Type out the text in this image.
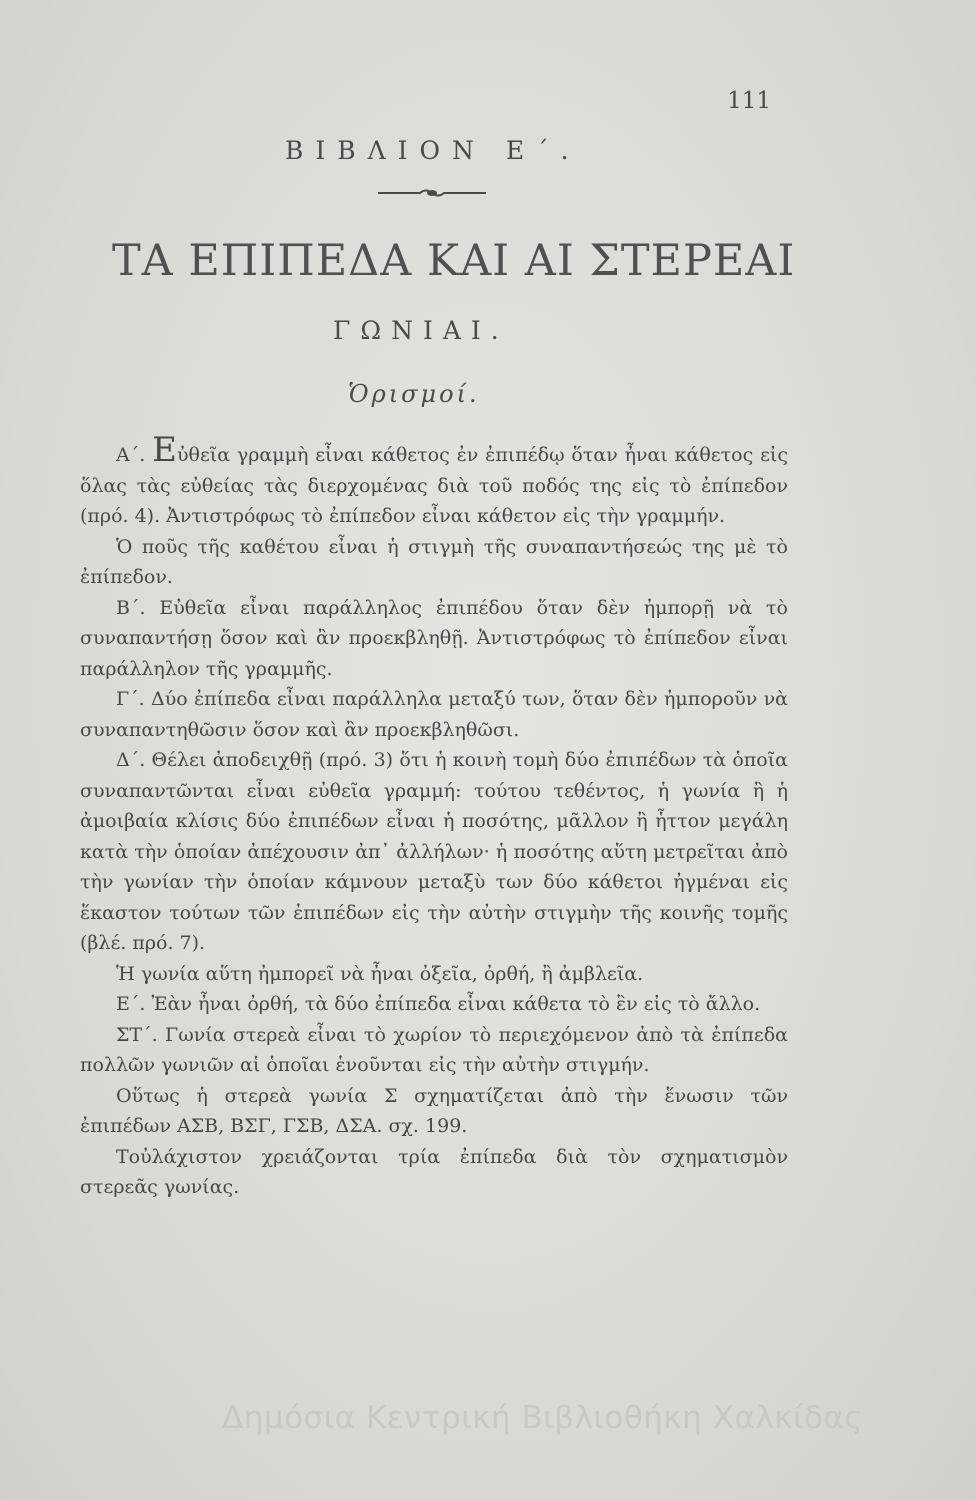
111
ΒΙΒΛΙΟΝ Ε΄.
ΤΑ ΕΠΙΠΕΔΑ ΚΑΙ ΑΙ ΣΤΕΡΕΑΙ
ΓΩΝΙΑΙ.
Ὁρισμοί.

Α΄. Εὐθεῖα γραμμὴ εἶναι κάθετος ἐν ἐπιπέδῳ ὅταν ἦναι κάθετος εἰς ὅλας τὰς εὐθείας τὰς διερχομένας διὰ τοῦ ποδός της εἰς τὸ ἐπίπεδον (πρό. 4). Ἀντιστρόφως τὸ ἐπίπεδον εἶναι κάθετον εἰς τὴν γραμμήν.

Ὁ ποῦς τῆς καθέτου εἶναι ἡ στιγμὴ τῆς συναπαντήσεώς της μὲ τὸ ἐπίπεδον.

Β΄. Εὐθεῖα εἶναι παράλληλος ἐπιπέδου ὅταν δὲν ἠμπορῇ νὰ τὸ συναπαντήσῃ ὅσον καὶ ἂν προεκβληθῇ. Ἀντιστρόφως τὸ ἐπίπεδον εἶναι παράλληλον τῆς γραμμῆς.

Γ΄. Δύο ἐπίπεδα εἶναι παράλληλα μεταξύ των, ὅταν δὲν ἠμποροῦν νὰ συναπαντηθῶσιν ὅσον καὶ ἂν προεκβληθῶσι.

Δ΄. Θέλει ἀποδειχθῇ (πρό. 3) ὅτι ἡ κοινὴ τομὴ δύο ἐπιπέδων τὰ ὁποῖα συναπαντῶνται εἶναι εὐθεῖα γραμμή: τούτου τεθέντος, ἡ γωνία ἢ ἡ ἀμοιβαία κλίσις δύο ἐπιπέδων εἶναι ἡ ποσότης, μᾶλλον ἢ ἧττον μεγάλη κατὰ τὴν ὁποίαν ἀπέχουσιν ἀπ᾽ ἀλλήλων· ἡ ποσότης αὕτη μετρεῖται ἀπὸ τὴν γωνίαν τὴν ὁποίαν κάμνουν μεταξὺ των δύο κάθετοι ἠγμέναι εἰς ἕκαστον τούτων τῶν ἐπιπέδων εἰς τὴν αὐτὴν στιγμὴν τῆς κοινῆς τομῆς (βλέ. πρό. 7).

Ἡ γωνία αὕτη ἠμπορεῖ νὰ ἦναι ὀξεῖα, ὀρθή, ἢ ἀμβλεῖα.

Ε΄. Ἐὰν ἦναι ὀρθή, τὰ δύο ἐπίπεδα εἶναι κάθετα τὸ ἓν εἰς τὸ ἄλλο.

ΣΤ΄. Γωνία στερεὰ εἶναι τὸ χωρίον τὸ περιεχόμενον ἀπὸ τὰ ἐπίπεδα πολλῶν γωνιῶν αἱ ὁποῖαι ἑνοῦνται εἰς τὴν αὐτὴν στιγμήν.

Οὕτως ἡ στερεὰ γωνία Σ σχηματίζεται ἀπὸ τὴν ἕνωσιν τῶν ἐπιπέδων ΑΣΒ, ΒΣΓ, ΓΣΒ, ΔΣΑ. σχ. 199.

Τοὐλάχιστον χρειάζονται τρία ἐπίπεδα διὰ τὸν σχηματισμὸν στερεᾶς γωνίας.

Δημόσια Κεντρική Βιβλιοθήκη Χαλκίδας
